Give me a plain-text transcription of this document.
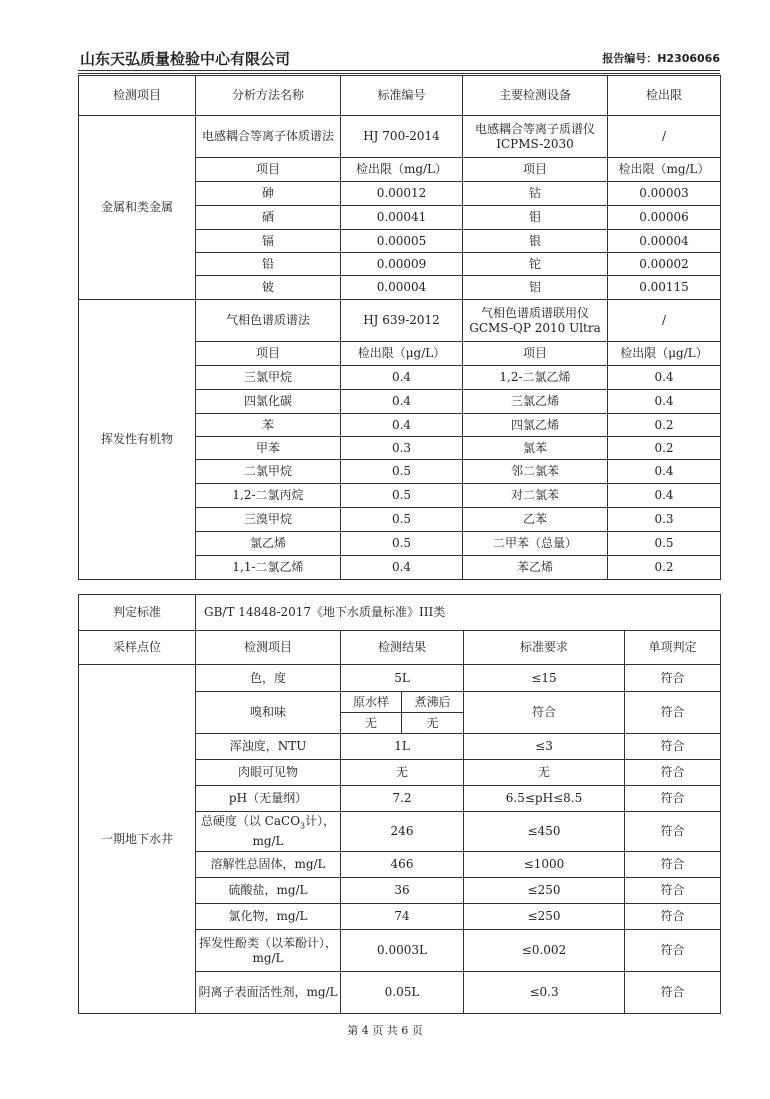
山东天弘质量检验中心有限公司	报告编号：H2306066
检测项目	分析方法名称	标准编号	主要检测设备	检出限
金属和类金属	电感耦合等离子体质谱法	HJ 700-2014	电感耦合等离子质谱仪 ICPMS-2030	/
	项目	检出限（mg/L）	项目	检出限（mg/L）
	砷	0.00012	钴	0.00003
	硒	0.00041	钼	0.00006
	镉	0.00005	银	0.00004
	铅	0.00009	铊	0.00002
	铍	0.00004	铝	0.00115
挥发性有机物	气相色谱质谱法	HJ 639-2012	气相色谱质谱联用仪 GCMS-QP 2010 Ultra	/
	项目	检出限（μg/L）	项目	检出限（μg/L）
	三氯甲烷	0.4	1,2-二氯乙烯	0.4
	四氯化碳	0.4	三氯乙烯	0.4
	苯	0.4	四氯乙烯	0.2
	甲苯	0.3	氯苯	0.2
	二氯甲烷	0.5	邻二氯苯	0.4
	1,2-二氯丙烷	0.5	对二氯苯	0.4
	三溴甲烷	0.5	乙苯	0.3
	氯乙烯	0.5	二甲苯（总量）	0.5
	1,1-二氯乙烯	0.4	苯乙烯	0.2
判定标准	GB/T 14848-2017《地下水质量标准》III类
采样点位	检测项目	检测结果		标准要求	单项判定
一期地下水井	色，度	5L		≤15	符合
	嗅和味	原水样	煮沸后	符合	符合
		无	无		
	浑浊度，NTU	1L		≤3	符合
	肉眼可见物	无		无	符合
	pH（无量纲）	7.2		6.5≤pH≤8.5	符合
	总硬度（以 CaCO$_3$计），mg/L	246		≤450	符合
	溶解性总固体，mg/L	466		≤1000	符合
	硫酸盐，mg/L	36		≤250	符合
	氯化物，mg/L	74		≤250	符合
	挥发性酚类（以苯酚计），mg/L	0.0003L		≤0.002	符合
	阴离子表面活性剂，mg/L	0.05L		≤0.3	符合
第 4 页 共 6 页
